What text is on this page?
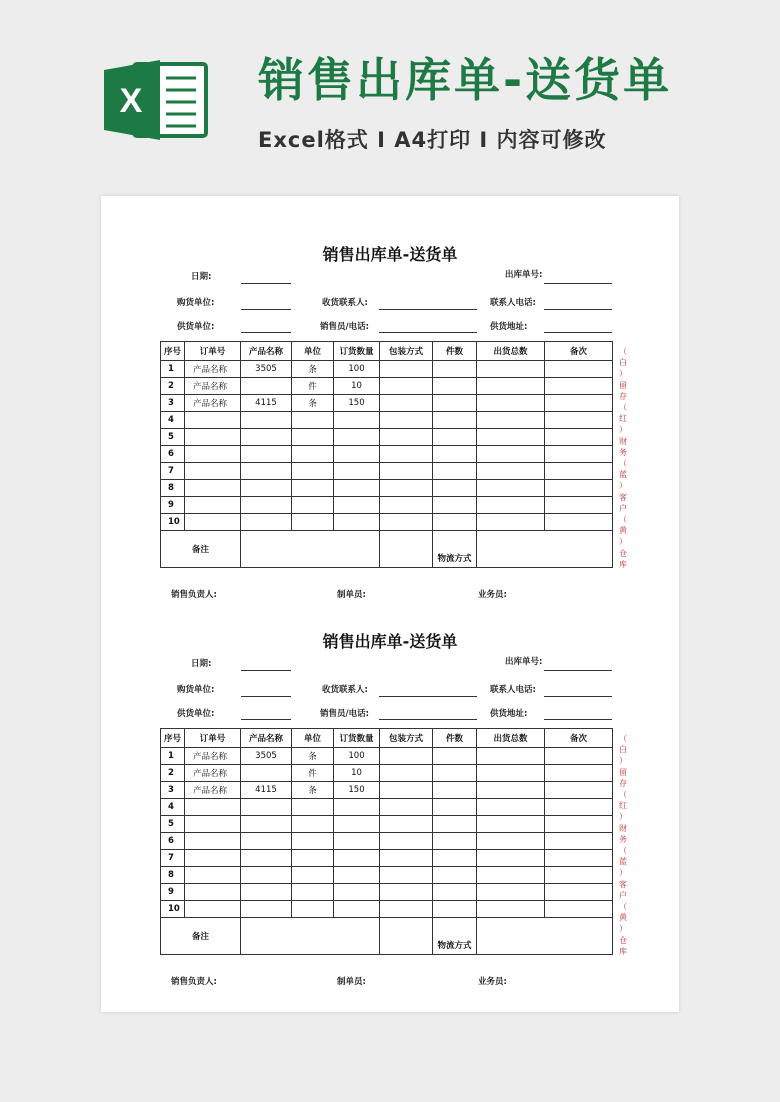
X	销售出库单-送货单
Excel格式 I A4打印 I 内容可修改
销售出库单-送货单
日期:	出库单号:
购货单位:	收货联系人:	联系人电话:
供货单位:	销售员/电话:	供货地址:
序号	订单号	产品名称	单位	订货数量	包装方式	件数	出货总数	备次
1	产品名称	3505	条	100				
2	产品名称		件	10				
3	产品名称	4115	条	150				
4								
5								
6								
7								
8								
9								
10								
备注						物流方式		
（
白
）
留
存
（
红
）
财
务
（
蓝
）
客
户
（
黄
）
仓
库
销售负责人:	制单员:	业务员:
销售出库单-送货单
日期:	出库单号:
购货单位:	收货联系人:	联系人电话:
供货单位:	销售员/电话:	供货地址:
序号	订单号	产品名称	单位	订货数量	包装方式	件数	出货总数	备次
1	产品名称	3505	条	100				
2	产品名称		件	10				
3	产品名称	4115	条	150				
4								
5								
6								
7								
8								
9								
10								
备注						物流方式		
（
白
）
留
存
（
红
）
财
务
（
蓝
）
客
户
（
黄
）
仓
库
销售负责人:	制单员:	业务员:
